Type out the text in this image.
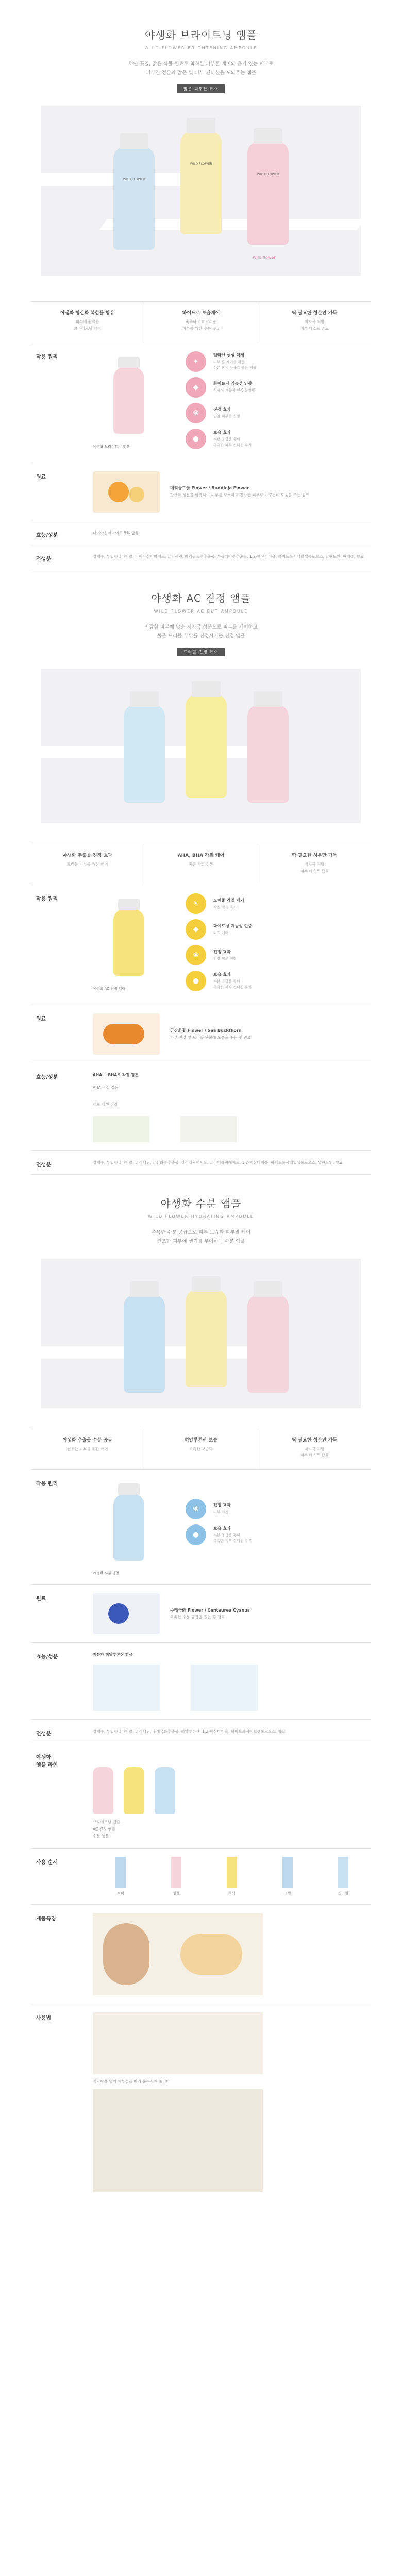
야생화 브라이트닝 앰플
WILD FLOWER BRIGHTENING AMPOULE
하얀 꽃잎, 맑은 식물 원료로 칙칙한 피부톤 케어와 윤기 있는 피부로
피부결 정돈과 맑은 빛 피부 컨디션을 도와주는 앰플
맑은 피부톤 케어
WILD FLOWER
WILD FLOWER
WILD FLOWER
Wild flower
야생화 항산화 복합물 함유
피부에 활력을
브라이트닝 케어
하이드로 보습케어
촉촉하고 매끄러운
피부를 위한 수분 공급
딱 필요한 성분만 가득
저자극 처방
피부 테스트 완료
작용 원리
야생화 브라이트닝 앰플
✦
멜라닌 생성 억제
피부 톤 케어를 위한
성분 함유 사용감 좋은 제형
◆	화이트닝 기능성 인증
식약처 기능성 인증 화장품
❀	진정 효과
민감 피부를 진정
●
보습 효과
수분 공급을 통해
촉촉한 피부 컨디션 유지
원료
메리골드꽃 Flower / Buddleja Flower
항산화 성분을 함유하여 피부를 보호하고 건강한 피부로 가꾸는데 도움을 주는 원료
효능/성분	나이아신아마이드 5% 함유
전성분	정제수, 부틸렌글라이콜, 나이아신아마이드, 글리세린, 메리골드꽃추출물, 부들레야꽃추출물, 1,2-헥산다이올, 하이드록시에틸셀룰로오스, 알란토인, 판테놀, 향료
야생화 AC 진정 앰플
WILD FLOWER AC BUT AMPOULE
민감한 피부에 맞춘 저자극 성분으로 피부를 케어하고
붉은 트러블 부위를 진정시키는 진정 앰플
트러블 진정 케어
야생화 추출물 진정 효과
트러블 피부를 위한 케어
AHA, BHA 각질 케어
묵은 각질 정돈
딱 필요한 성분만 가득
저자극 처방
피부 테스트 완료
작용 원리
야생화 AC 진정 앰플
☀	노폐물 각질 제거
각질 정돈 효과
◆	화이트닝 기능성 인증
피지 케어
❀	진정 효과
민감 피부 진정
●
보습 효과
수분 공급을 통해
촉촉한 피부 컨디션 유지
원료
금잔화꽃 Flower / Sea Buckthorn
피부 진정 및 트러블 완화에 도움을 주는 꽃 원료
효능/성분	AHA + BHA로 각질 정돈
AHA 각질 정돈
세포 재생 진정
전성분	정제수, 부틸렌글라이콜, 글리세린, 금잔화꽃추출물, 살리실릭애씨드, 글라이콜릭애씨드, 1,2-헥산다이올, 하이드록시에틸셀룰로오스, 알란토인, 향료
야생화 수분 앰플
WILD FLOWER HYDRATING AMPOULE
촉촉한 수분 공급으로 피부 보습과 피부결 케어
건조한 피부에 생기를 부여하는 수분 앰플
야생화 추출물 수분 공급
건조한 피부를 위한 케어
히알루론산 보습
촉촉한 보습막
딱 필요한 성분만 가득
저자극 처방
피부 테스트 완료
작용 원리
야생화 수분 앰플
❀	진정 효과
피부 진정
●
보습 효과
수분 공급을 통해
촉촉한 피부 컨디션 유지
원료
수레국화 Flower / Centaurea Cyanus
촉촉한 수분 공급을 돕는 꽃 원료
효능/성분	저분자 히알루론산 함유
전성분	정제수, 부틸렌글라이콜, 글리세린, 수레국화추출물, 히알루론산, 1,2-헥산다이올, 하이드록시에틸셀룰로오스, 향료
야생화
앰플 라인
브라이트닝 앰플
AC 진정 앰플
수분 앰플
사용 순서
토너	앰플	로션	크림	선크림
제품특징
사용법
적당량을 덜어 피부결을 따라 흡수시켜 줍니다
